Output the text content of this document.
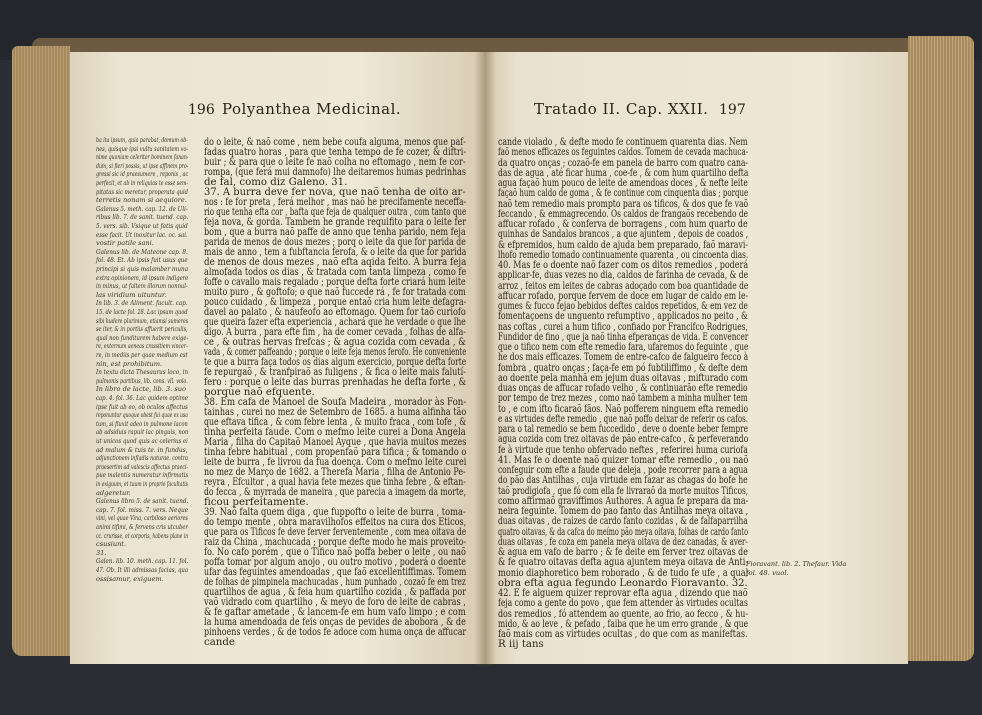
196 Polyanthea Medicinal.
ba ita ipsum, quia parabat, domum ob-
nes, quisque ipsi vultu sanitatem vo-
nime quoniam celeriter bominem fanan-
dum, si fieri possis, ut ipse affinem pro-
gressi sic id praesumere , reponis , ac
perfecit, et ab in reliquias te esse sem-
pitatas sic meretur, properata quid
terretis nonam si aequiore.
Galenus 5. meth. cap. 12. de Uli-
ribus lib. 7. de sanit. tuend. cap.
5. vers. sib. Vsique ut fatis quid
esse facit. Ut inoxitur lac. oc. sai.
vostir patile sani.
Galenus lib. de Mateone cap. 8.
fol. 48. Et. Ab ipsis fuit usus que
principi si quis malamber muna
extra opinionem, id ipsum indigere
in minus, ut faltem illorum nonnul-
las viridium uituntur.
In lib. 3. de Aliment. facult. cap.
15. de lacte fol. 28. Lac ipsum quod
sibi hudere plurimum, etiamsi sumeres
se iter, & in portiis affuerit periculis,
qual non funditurem habere exige-
re, externum aeneas crassitiem vincer-
re, in mediis per quae medium est
nin, est prohibitum.
In textu dicta Thesaurus loco, in
pulmonis partibus, lib. cons. vll. volo.
In libro de lacte, lib. 3. suo
cap. 4. fol. 36. Lac quidem optime
ipse fuit ab eo, ob oculos affectus
reponuntur quoque obest fui quae ex usa
tum, si fluxit adeo in pulmone lacon
ab adsiduis rapuit lac pinguis, non
ut unicos quod quis ac celerius ei
ad malum & tuis te. in fundus,
adjunctionem infladis naturae. contra
praesertim ad valescis affectus praeci-
pue malentis numeratur infirmatis
in exiguum, et tuum in proprio facultatis
adgeretur.
Galenus libro 5. de sanit. tuend.
cap. 7. fol. miss. 7. vers. Neque
vini, vel quae Vina, carbiloso aeriores
animi tifimi, & fervens cris utcuber
cc. crurisse, et corporis, habens plane in
csusiunt.
31.
Galen. lib. 10. meth. cap. 11. fol.
47. Ob. It illi admissas facias, qua
ossisamur, exiguem.
do o leite, & naõ come , nem bebe coufa alguma, menos que paf-
fadas quatro horas , para que tenha tempo de fe cozer, & diftri-
buir ; & para que o leite fe naõ colha no eftomago , nem fe cor-
rompa, (que ferá mui damnofo) lhe deitaremos humas pedrinhas
de fal, como diz Galeno. 31.
37. A burra deve fer nova, que naõ tenha de oito ar-
nos : fe for preta , ferá melhor , mas naõ he precifamente neceffa-
rio que tenha efta cor , bafta que feja de qualquer outra , com tanto que
feja nova, & gorda. Tambem he grande requifito para o leite fer
bom , que a burra naõ paffe de anno que tenha parido, nem feja
parida de menos de dous mezes ; porq o leite da que for parida de
mais de anno , tem a fubftancia ferofa, & o leite da que for parida
de menos de dous mezes , naõ efta aqida feito. A burra feja
almofada todos os dias , & tratada com tanta limpeza , como fe
foffe o cavallo mais regalado ; porque defta forte criará hum leite
muito puro , & goftofo; o que naõ fuccede rá , fe for tratada com
pouco cuidado , & limpeza , porque entaõ cria hum leite defagra-
davel ao palato , & naufeofo ao eftomago. Quem for taõ curiofo
que queira fazer efta experiencia , achará que he verdade o que lhe
digo. A burra , para efte fim , ha de comer cevada , folhas de alfa-
ce , & outras hervas frefcas ; & agua cozida com cevada , &
vada , & comer paffeando ; porque o leite feja menos ferofo. He conveniente
te que a burra faça todos os dias algum exercicio, porque defta forte
fe repurgaõ , & tranfpiraõ as fuligens , & fica o leite mais falutí-
fero : porque o leite das burras prenhadas he defta forte , &
porque naõ efquente.
38. Em cafa de Manoel de Soufa Madeira , morador às Fon-
tainhas , curei no mez de Setembro de 1685. a huma alfinha tão
que eftava tifica , & com febre lenta , & muito fraca , com tofe , &
tinha perfeita faude. Com o mefmo leite curei a Dona Angela
Maria , filha do Capitaõ Manoel Ayque , que havia muitos mezes
tinha febre habitual , com propenfaõ para tifica ; & tomando o
leite de burra , fe livrou da fua doença. Com o mefmo leite curei
no mez de Março de 1682. a Therefa Maria , filha de Antonio Pe-
reyra , Efcultor , a qual havia fete mezes que tinha febre , & eftan-
do fecca , & myrrada de maneira , que parecia a imagem da morte,
ficou perfeitamente.
39. Naõ falta quem diga , que fuppofto o leite de burra , toma-
do tempo mente , obra maravilhofos effeitos na cura dos Eticos,
que para os Tificos fe deve ferver ferventemente , com mea oitava de
raiz da China , machucada ; porque defte modo he mais proveito-
fo. No cafo porém , que o Tifico naõ poffa beber o leite , ou naõ
poffa tomar por algum anojo , ou outro motivo , poderá o doente
ufar das feguintes amendoadas , que faõ excellentiffimas. Tomem
de folhas de pimpinela machucadas , hum punhado , cozaõ fe em trez
quartilhos de agua , & feia hum quartilho cozida , & paffada por
vaõ vidrado com quartilho , & meyo de foro de leite de cabras ,
& fe gaftar ametade , & lancem-fe em hum vafo limpo ; e com
la huma amendoada de feis onças de pevides de abobora , & de
pinhoens verdes , & de todos fe adoce com huma onça de affucar
cande
Tratado II. Cap. XXII. 197
cande violado , & defte modo fe continuem quarenta dias. Nem
faõ menos efficazes os feguintes caldos. Tomem de cevada machuca-
da quatro onças ; cozaõ-fe em panela de barro com quatro cana-
das de agua , até ficar huma , coe-fe , & com hum quartilho defta
agua façaõ hum pouco de leite de amendoas doces , & nefte leite
façaõ hum caldo de goma , & fe continue com cinquenta dias ; porque
naõ tem remedio mais prompto para os tificos, & dos que fe vaõ
feccando , & emmagrecendo. Os caldos de frangaõs recebendo de
affucar rofado , & conferva de borragens , com hum quarto de
quinhas de Sandalos brancos , a que ajuntem , depois de coados ,
& efpremidos, hum caldo de ajuda bem preparado, faõ maravi-
lhofo remedio tomado continuamente quarenta , ou cincoenta dias.
40. Mas fe o doente naõ fazer com os ditos remedios , poderá
applicar-fe, duas vezes no dia, caldos de farinha de cevada, & de
arroz , feitos em leites de cabras adoçado com boa quantidade de
affucar rofado, porque fervem de doce em lugar de caldo em le-
gumes & fucco fejao bebidos deftes caldos repetidos, & em vez de
fomentaçoens de unguento refumptivo , applicados no peito , &
nas coftas , curei a hum tifico , confiado por Francifco Rodrigues,
Fundidor de fino , que ja naõ tinha efperanças de vida. E convencer
que o tifico nem com efte remedio fara, ufaremos do feguinte , que
he dos mais efficazes. Tomem de entre-cafco de falgueiro fecco à
fombra , quatro onças ; faça-fe em pó fubtiliffimo , & defte dem
ao doente pela manhã em jejum duas oitavas , mifturado com
duas onças de affucar rofado velho , & continuarão efte remedio
por tempo de trez mezes , como naõ tambem a minha mulher tem
to , e com ifto ficaraõ fãos. Naõ pofferem ninguem efta remedio
e as virtudes defte remedio , que naõ poffo deixar de referir os cafos.
para o tal remedio se bem fuccedido , deve o doente beber fempre
agua cozida com trez oitavas de pão entre-cafco , & perfeverando
fe à virtude que tenho obfervado neftes , referirei huma curiofa
41. Mas fe o doente naõ quizer tomar efte remedio , ou naõ
confeguir com efte a faude que deleja , pode recorrer para a agua
do pão das Antilhas , cuja virtude em fazar as chagas do bofe he
taõ prodigiofa , que fó com ella fe livraraõ da morte muitos Tificos,
como affirmaõ graviffimos Authores. A agua fe prepara da ma-
neira feguinte. Tomem do pao fanto das Antilhas meya oitava ,
duas oitavas , de raizes de cardo fanto cozidas , & de falfaparrilha
quatro oitavas, & da cafca do meímo pão meya oitava, folhas de cardo fanto
duas oitavas , fe coza em panela meya oitava de dez canadas, & aver-
& agua em vafo de barro ; & fe deite em ferver trez oitavas de
& fe quatro oitavas defta agua ajuntem meya oitava de Anti-
monio diaphoretico bem roborado , & de tudo fe ufe , a qual
obra efta agua fegundo Leonardo Fioravanto. 32.
42. E fe alguem quizer reprovar efta agua , dizendo que naõ
feja como a gente do povo , que fem attender às virtudes ocultas
dos remedios , fó attendem ao quente, ao frio, ao fecco , & hu-
mido, & ao leve , & pefado , faiba que he um erro grande , & que
faõ mais com as virtudes ocultas , do que com as manifeftas.
R iij tans
Fioravant. lib. 2. Thefaur. Vida
fol. 48. vuol.
